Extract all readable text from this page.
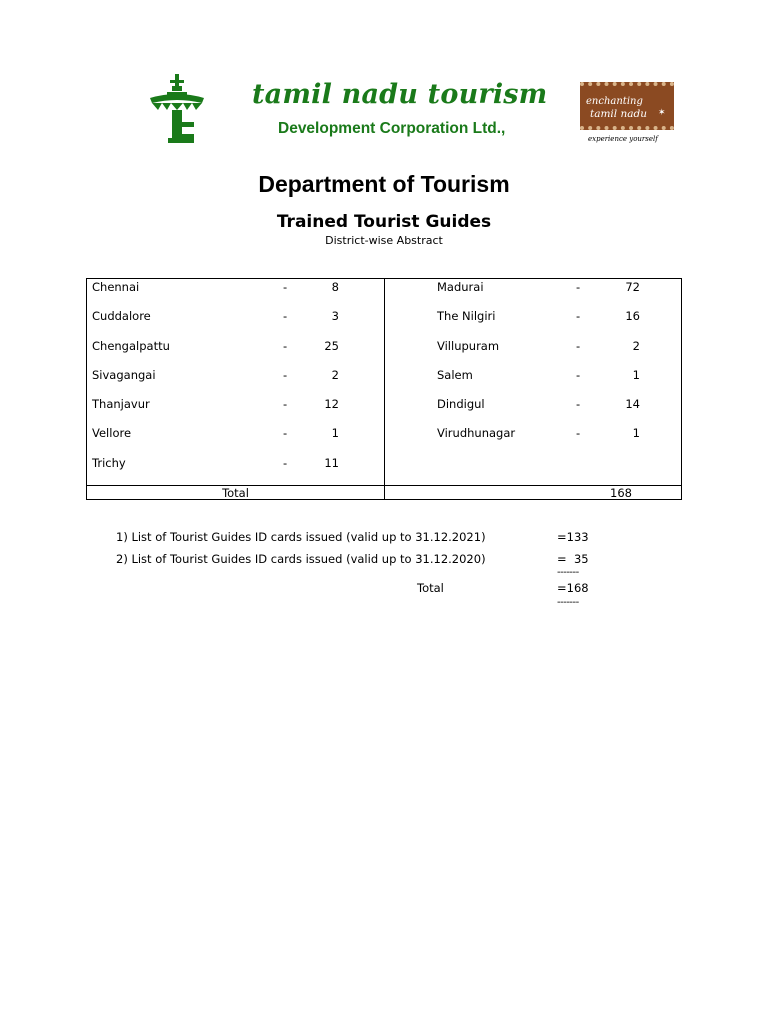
tamil nadu tourism
Development Corporation Ltd.,
enchanting
tamil nadu ✶
experience yourself
Department of Tourism
Trained Tourist Guides
District-wise Abstract
Chennai	-	8
Cuddalore	-	3
Chengalpattu	-	25
Sivagangai	-	2
Thanjavur	-	12
Vellore	-	1
Trichy	-	11
Madurai	-	72
The Nilgiri	-	16
Villupuram	-	2
Salem	-	1
Dindigul	-	14
Virudhunagar	-	1
Total	168
1) List of Tourist Guides ID cards issued (valid up to 31.12.2021)	=133
2) List of Tourist Guides ID cards issued (valid up to 31.12.2020)	=  35
-------
Total	=168
-------
